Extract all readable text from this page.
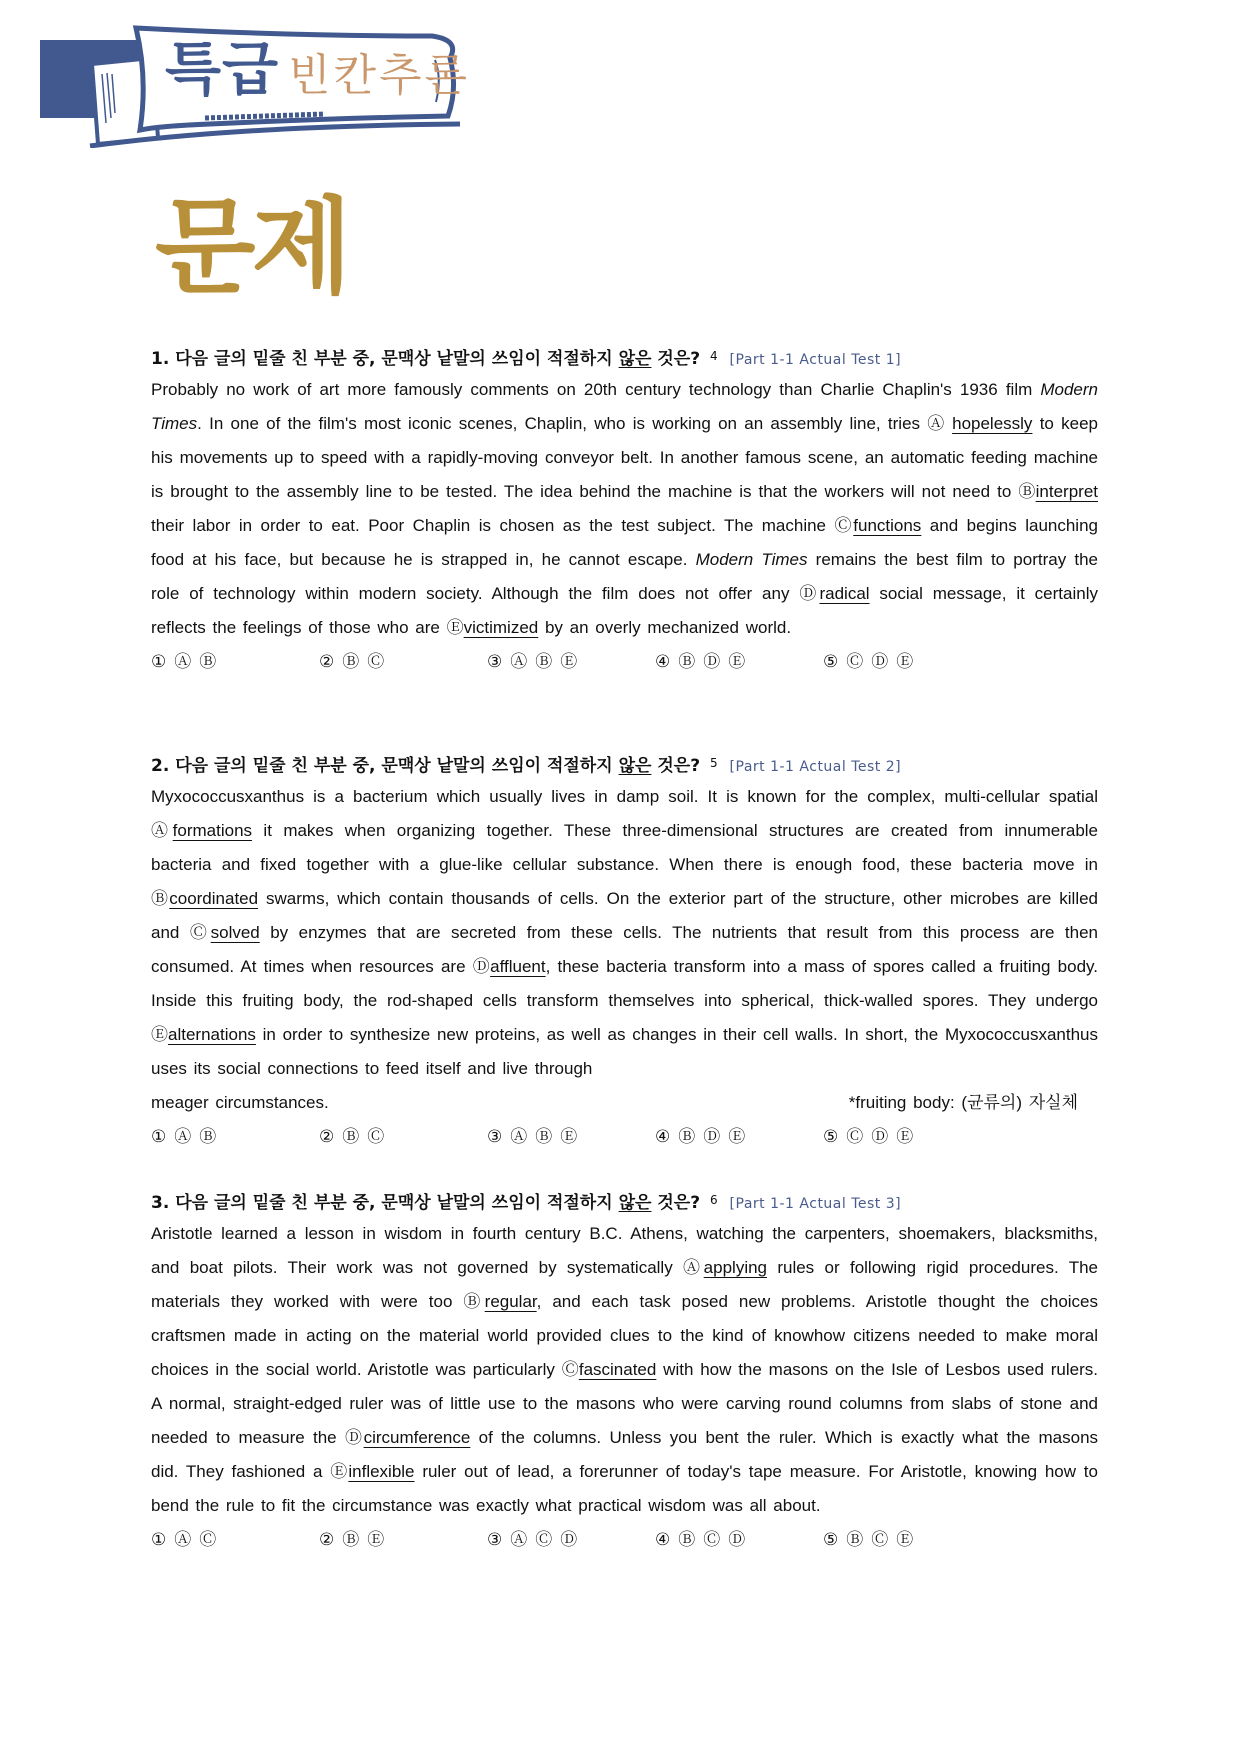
특급 빈칸추론
문제
1. 다음 글의 밑줄 친 부분 중, 문맥상 낱말의 쓰임이 적절하지 않은 것은? $^4$ [Part 1-1 Actual Test 1]
Probably no work of art more famously comments on 20th century technology than Charlie Chaplin's 1936 film Modern Times. In one of the film's most iconic scenes, Chaplin, who is working on an assembly line, tries Ⓐ hopelessly to keep his movements up to speed with a rapidly-moving conveyor belt. In another famous scene, an automatic feeding machine is brought to the assembly line to be tested. The idea behind the machine is that the workers will not need to Ⓑinterpret their labor in order to eat. Poor Chaplin is chosen as the test subject. The machine Ⓒfunctions and begins launching food at his face, but because he is strapped in, he cannot escape. Modern Times remains the best film to portray the role of technology within modern society. Although the film does not offer any Ⓓradical social message, it certainly reflects the feelings of those who are Ⓔvictimized by an overly mechanized world.
① Ⓐ Ⓑ	② Ⓑ Ⓒ	③ Ⓐ Ⓑ Ⓔ	④ Ⓑ Ⓓ Ⓔ	⑤ Ⓒ Ⓓ Ⓔ
2. 다음 글의 밑줄 친 부분 중, 문맥상 낱말의 쓰임이 적절하지 않은 것은? $^5$ [Part 1-1 Actual Test 2]
Myxococcusxanthus is a bacterium which usually lives in damp soil. It is known for the complex, multi-cellular spatial Ⓐformations it makes when organizing together. These three-dimensional structures are created from innumerable bacteria and fixed together with a glue-like cellular substance. When there is enough food, these bacteria move in Ⓑcoordinated swarms, which contain thousands of cells. On the exterior part of the structure, other microbes are killed and Ⓒsolved by enzymes that are secreted from these cells. The nutrients that result from this process are then consumed. At times when resources are Ⓓaffluent, these bacteria transform into a mass of spores called a fruiting body. Inside this fruiting body, the rod-shaped cells transform themselves into spherical, thick-walled spores. They undergo Ⓔalternations in order to synthesize new proteins, as well as changes in their cell walls. In short, the Myxococcusxanthus uses its social connections to feed itself and live through
meager circumstances.	*fruiting body: (균류의) 자실체
① Ⓐ Ⓑ	② Ⓑ Ⓒ	③ Ⓐ Ⓑ Ⓔ	④ Ⓑ Ⓓ Ⓔ	⑤ Ⓒ Ⓓ Ⓔ
3. 다음 글의 밑줄 친 부분 중, 문맥상 낱말의 쓰임이 적절하지 않은 것은? $^6$ [Part 1-1 Actual Test 3]
Aristotle learned a lesson in wisdom in fourth century B.C. Athens, watching the carpenters, shoemakers, blacksmiths, and boat pilots. Their work was not governed by systematically Ⓐapplying rules or following rigid procedures. The materials they worked with were too Ⓑregular, and each task posed new problems. Aristotle thought the choices craftsmen made in acting on the material world provided clues to the kind of knowhow citizens needed to make moral choices in the social world. Aristotle was particularly Ⓒfascinated with how the masons on the Isle of Lesbos used rulers. A normal, straight-edged ruler was of little use to the masons who were carving round columns from slabs of stone and needed to measure the Ⓓcircumference of the columns. Unless you bent the ruler. Which is exactly what the masons did. They fashioned a Ⓔinflexible ruler out of lead, a forerunner of today's tape measure. For Aristotle, knowing how to bend the rule to fit the circumstance was exactly what practical wisdom was all about.
① Ⓐ Ⓒ	② Ⓑ Ⓔ	③ Ⓐ Ⓒ Ⓓ	④ Ⓑ Ⓒ Ⓓ	⑤ Ⓑ Ⓒ Ⓔ
